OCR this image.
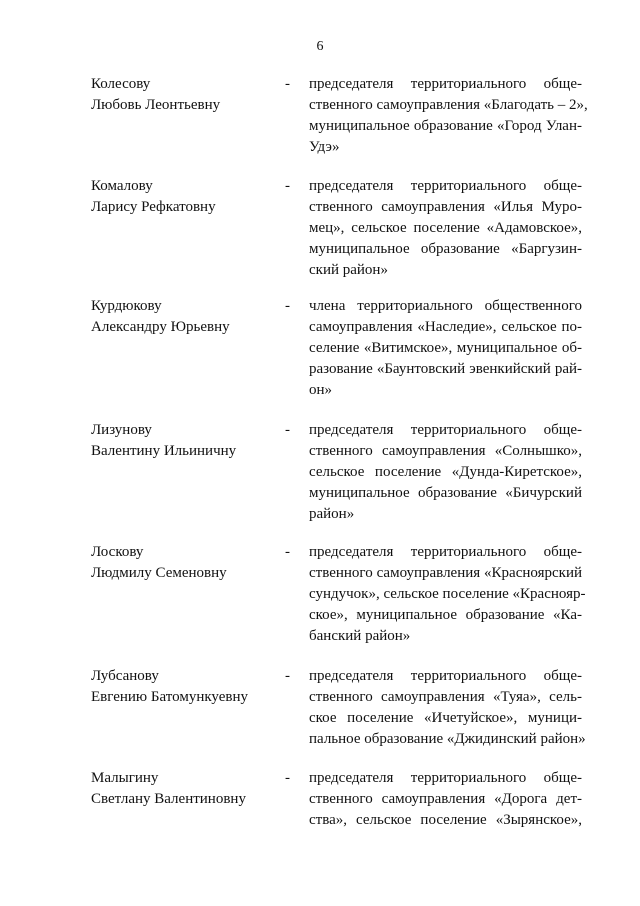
6
Колесову
Любовь Леонтьевну
-	председателя территориального обще-
ственного самоуправления «Благодать – 2»,
муниципальное образование «Город Улан-
Удэ»
Комалову
Ларису Рефкатовну
-	председателя территориального обще-
ственного самоуправления «Илья Муро-
мец», сельское поселение «Адамовское»,
муниципальное образование «Баргузин-
ский район»
Курдюкову
Александру Юрьевну
-	члена территориального общественного
самоуправления «Наследие», сельское по-
селение «Витимское», муниципальное об-
разование «Баунтовский эвенкийский рай-
он»
Лизунову
Валентину Ильиничну
-	председателя территориального обще-
ственного самоуправления «Солнышко»,
сельское поселение «Дунда-Киретское»,
муниципальное образование «Бичурский
район»
Лоскову
Людмилу Семеновну
-	председателя территориального обще-
ственного самоуправления «Красноярский
сундучок», сельское поселение «Краснояр-
ское», муниципальное образование «Ка-
банский район»
Лубсанову
Евгению Батомункуевну
-	председателя территориального обще-
ственного самоуправления «Туяа», сель-
ское поселение «Ичетуйское», муници-
пальное образование «Джидинский район»
Малыгину
Светлану Валентиновну
-	председателя территориального обще-
ственного самоуправления «Дорога дет-
ства», сельское поселение «Зырянское»,
